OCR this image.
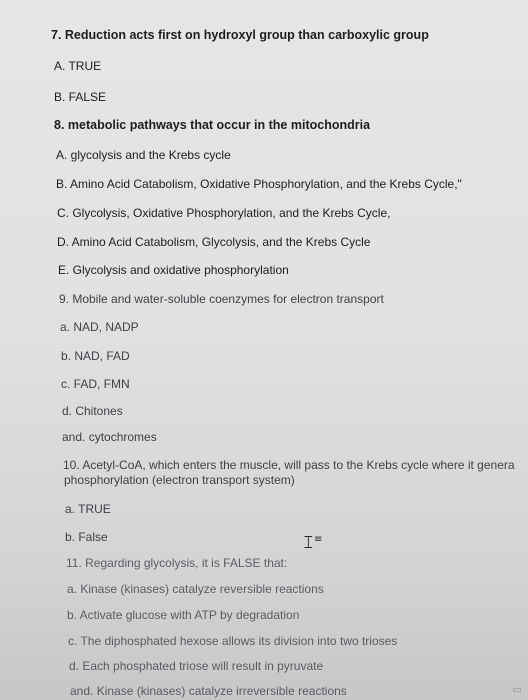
7. Reduction acts first on hydroxyl group than carboxylic group
A. TRUE
B. FALSE
8. metabolic pathways that occur in the mitochondria
A. glycolysis and the Krebs cycle
B. Amino Acid Catabolism, Oxidative Phosphorylation, and the Krebs Cycle,"
C. Glycolysis, Oxidative Phosphorylation, and the Krebs Cycle,
D. Amino Acid Catabolism, Glycolysis, and the Krebs Cycle
E. Glycolysis and oxidative phosphorylation
9. Mobile and water-soluble coenzymes for electron transport
a. NAD, NADP
b. NAD, FAD
c. FAD, FMN
d. Chitones
and. cytochromes
10. Acetyl-CoA, which enters the muscle, will pass to the Krebs cycle where it genera
phosphorylation (electron transport system)
a. TRUE
b. False
11. Regarding glycolysis, it is FALSE that:
a. Kinase (kinases) catalyze reversible reactions
b. Activate glucose with ATP by degradation
c. The diphosphated hexose allows its division into two trioses
d. Each phosphated triose will result in pyruvate
and. Kinase (kinases) catalyze irreversible reactions
𝙸 ≡
▭
